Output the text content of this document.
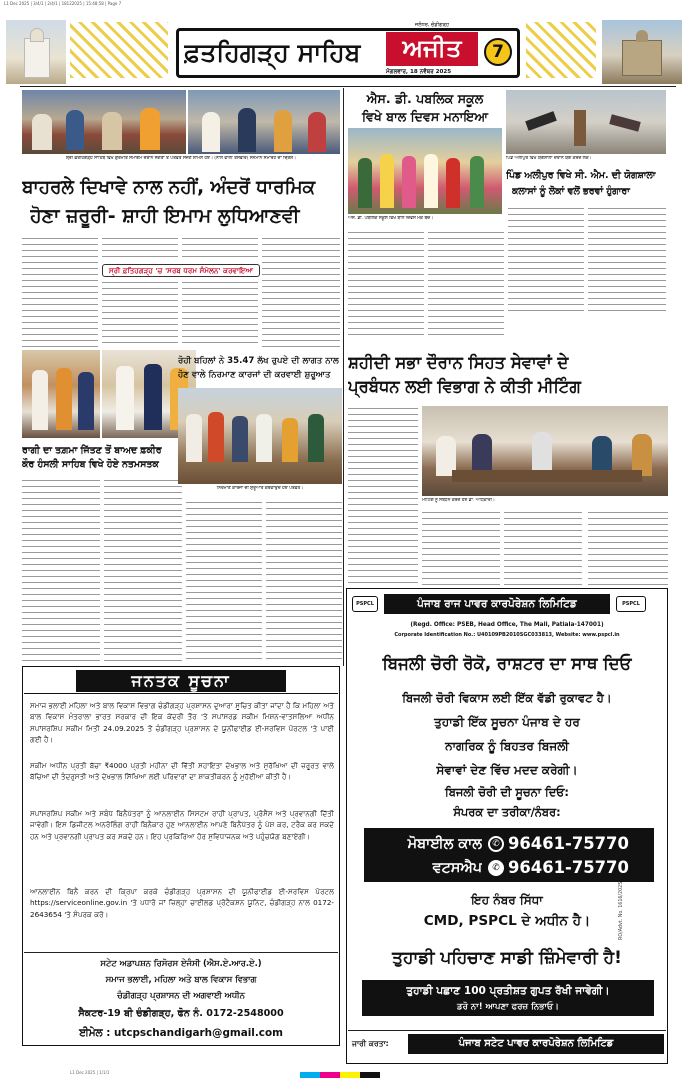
L1 Dec 2025 | 3/4/1 | 2/4/1 | 18122025 | 15:48:58 | Page 7
ਫ਼ਤਹਿਗੜ੍ਹ ਸਾਹਿਬ	ਅਜੀਤ
ਜਲੰਧਰ, ਚੰਡੀਗੜ੍ਹ
ਮੰਗਲਵਾਰ, 18 ਨਵੰਬਰ 2025
7
ਸ਼੍ਰੀ ਫ਼ਤਹਿਗੜ੍ਹ ਸਾਹਿਬ ਵਿਖੇ ਗੁਰਮਤਿ ਸਮਾਗਮ ਦੌਰਾਨ ਸੰਗਤਾਂ ਤੇ ਪਤਵੰਤੇ ਸੱਜਣ ਸ਼ਾਮਲ ਹੋਏ। (ਨਾਲ ਵਾਲੀ ਤਸਵੀਰ) ਸਨਮਾਨ ਸਮਾਰੋਹ ਦਾ ਦ੍ਰਿਸ਼।
ਬਾਹਰਲੇ ਦਿਖਾਵੇ ਨਾਲ ਨਹੀਂ, ਅੰਦਰੋਂ ਧਾਰਮਿਕ
ਹੋਣਾ ਜ਼ਰੂਰੀ- ਸ਼ਾਹੀ ਇਮਾਮ ਲੁਧਿਆਣਵੀ
ਸ੍ਰੀ ਫ਼ਤਿਹਗੜ੍ਹ 'ਚ 'ਸਰਬ ਧਰਮ ਸੰਮੇਲਨ' ਕਰਵਾਇਆ
ਰਾਗੀ ਦਾ ਤਗ਼ਮਾ ਜਿੱਤਣ ਤੋਂ ਬਾਅਦ ਫ਼ਕੀਰ
ਕੌਰ ਹੰਸਲੀ ਸਾਹਿਬ ਵਿਖੇ ਹੋਏ ਨਤਮਸਤਕ
ਰੋਹੀ ਬਹਿਲਾਂ ਨੇ 35.47 ਲੱਖ ਰੁਪਏ ਦੀ ਲਾਗਤ ਨਾਲ
ਹੋਣ ਵਾਲੇ ਨਿਰਮਾਣ ਕਾਰਜਾਂ ਦੀ ਕਰਵਾਈ ਸ਼ੁਰੂਆਤ
ਨਿਰਮਾਣ ਕਾਰਜਾਂ ਦੀ ਸ਼ੁਰੂਆਤ ਕਰਵਾਉਂਦੇ ਹੋਏ ਪਤਵੰਤੇ।
ਐਸ. ਡੀ. ਪਬਲਿਕ ਸਕੂਲ
ਵਿਖੇ ਬਾਲ ਦਿਵਸ ਮਨਾਇਆ
ਐਸ. ਡੀ. ਪਬਲਿਕ ਸਕੂਲ ਵਿਖੇ ਬਾਲ ਦਿਵਸ ਮੌਕੇ ਬੱਚੇ।
ਪਿੰਡ ਅਲੀਪੁਰ ਵਿਖੇ ਯੋਗਸ਼ਾਲਾ ਦੌਰਾਨ ਯੋਗ ਕਰਦੇ ਲੋਕ।
ਪਿੰਡ ਅਲੀਪੁਰ ਵਿਖੇ ਸੀ. ਐਮ. ਦੀ ਯੋਗਸ਼ਾਲਾ
ਕਲਾਸਾਂ ਨੂੰ ਲੋਕਾਂ ਵਲੋਂ ਭਰਵਾਂ ਹੁੰਗਾਰਾ
ਸ਼ਹੀਦੀ ਸਭਾ ਦੌਰਾਨ ਸਿਹਤ ਸੇਵਾਵਾਂ ਦੇ
ਪ੍ਰਬੰਧਨ ਲਈ ਵਿਭਾਗ ਨੇ ਕੀਤੀ ਮੀਟਿੰਗ
ਮੀਟਿੰਗ ਨੂੰ ਸੰਬੋਧਨ ਕਰਦੇ ਹੋਏ ਡਾ. ਅਧਿਕਾਰੀ।
ਜਨਤਕ ਸੂਚਨਾ
ਸਮਾਜ ਭਲਾਈ ਮਹਿਲਾ ਅਤੇ ਬਾਲ ਵਿਕਾਸ ਵਿਭਾਗ ਚੰਡੀਗੜ੍ਹ ਪ੍ਰਸ਼ਾਸਨ ਦੁਆਰਾ ਸੂਚਿਤ ਕੀਤਾ ਜਾਂਦਾ ਹੈ ਕਿ ਮਹਿਲਾ ਅਤੇ ਬਾਲ ਵਿਕਾਸ ਮੰਤਰਾਲਾ ਭਾਰਤ ਸਰਕਾਰ ਦੀ ਇਕ ਕੇਂਦਰੀ ਤੌਰ 'ਤੇ ਸਪਾਂਸਰਡ ਸਕੀਮ ਮਿਸ਼ਨ-ਵਾਤਸਲਿਆ ਅਧੀਨ ਸਪਾਂਸਰਸ਼ਿਪ ਸਕੀਮ ਮਿਤੀ 24.09.2025 ਤੋਂ ਚੰਡੀਗੜ੍ਹ ਪ੍ਰਸ਼ਾਸਨ ਦੇ ਯੂਨੀਫਾਈਡ ਈ-ਸਰਵਿਸ ਪੋਰਟਲ 'ਤੇ ਪਾਈ ਗਈ ਹੈ।
ਸਕੀਮ ਅਧੀਨ ਪ੍ਰਤੀ ਬੱਚਾ ₹4000 ਪ੍ਰਤੀ ਮਹੀਨਾ ਦੀ ਵਿੱਤੀ ਸਹਾਇਤਾ ਦੇਖਭਾਲ ਅਤੇ ਸੁਰੱਖਿਆ ਦੀ ਜ਼ਰੂਰਤ ਵਾਲੇ ਬੱਚਿਆਂ ਦੀ ਤੰਦਰੁਸਤੀ ਅਤੇ ਦੇਖਭਾਲ ਸਿੱਖਿਆ ਲਈ ਪਰਿਵਾਰਾਂ ਦਾ ਸ਼ਾਕਤੀਕਰਨ ਨੂੰ ਮੁਹੱਈਆ ਕੀਤੀ ਹੈ।
ਸਪਾਂਸਰਸ਼ਿਪ ਸਕੀਮ ਅਤੇ ਸਬੰਧ ਬਿਨੈਪੱਤਰਾਂ ਨੂੰ ਆਨਲਾਈਨ ਸਿਸਟਮ ਰਾਹੀਂ ਪ੍ਰਾਪਤ, ਪ੍ਰੋਸੈਸ ਅਤੇ ਪ੍ਰਵਾਨਗੀ ਦਿੱਤੀ ਜਾਵੇਗੀ। ਇਸ ਡਿਜੀਟਲ ਅਨਰੋਲਿੰਗ ਰਾਹੀਂ ਬਿਨੈਕਾਰ ਹੁਣ ਆਨਲਾਈਨ ਆਪਣੇ ਬਿਨੈਪੱਤਰ ਨੂੰ ਪੇਸ਼ ਕਰ, ਟਰੈਕ ਕਰ ਸਕਦੇ ਹਨ ਅਤੇ ਪ੍ਰਵਾਨਗੀ ਪ੍ਰਾਪਤ ਕਰ ਸਕਦੇ ਹਨ। ਇਹ ਪ੍ਰਕਿਰਿਆ ਹੋਰ ਸੁਵਿਧਾਜਨਕ ਅਤੇ ਪਹੁੰਚਯੋਗ ਬਣਾਏਗੀ।
ਆਨਲਾਈਨ ਬਿਨੈ ਕਰਨ ਦੀ ਕ੍ਰਿਪਾ ਕਰਕੇ ਚੰਡੀਗੜ੍ਹ ਪ੍ਰਸ਼ਾਸਨ ਦੀ ਯੂਨੀਫਾਈਡ ਈ-ਸਰਵਿਸ ਪੋਰਟਲ https://serviceonline.gov.in 'ਤੇ ਪਧਾਰੋ ਜਾਂ ਜ਼ਿਲ੍ਹਾ ਚਾਈਲਡ ਪ੍ਰੋਟੈਕਸ਼ਨ ਯੂਨਿਟ, ਚੰਡੀਗੜ੍ਹ ਨਾਲ 0172-2643654 'ਤੇ ਸੰਪਰਕ ਕਰੋ।
ਸਟੇਟ ਅਡਾਪਸ਼ਨ ਰਿਸੋਰਸ ਏਜੰਸੀ (ਐਸ.ਏ.ਆਰ.ਏ.)
ਸਮਾਜ ਭਲਾਈ, ਮਹਿਲਾ ਅਤੇ ਬਾਲ ਵਿਕਾਸ ਵਿਭਾਗ
ਚੰਡੀਗੜ੍ਹ ਪ੍ਰਸ਼ਾਸਨ ਦੀ ਅਗਵਾਈ ਅਧੀਨ
ਸੈਕਟਰ-19 ਬੀ ਚੰਡੀਗੜ੍ਹ, ਫੋਨ ਨੰ. 0172-2548000
ਈਮੇਲ : utcpschandigarh@gmail.com
PSPCL	ਪੰਜਾਬ ਰਾਜ ਪਾਵਰ ਕਾਰਪੋਰੇਸ਼ਨ ਲਿਮਿਟਿਡ	PSPCL
(Regd. Office: PSEB, Head Office, The Mall, Patiala-147001)
Corporate Identification No.: U40109PB2010SGC033813, Website: www.pspcl.in
ਬਿਜਲੀ ਚੋਰੀ ਰੋਕੋ, ਰਾਸ਼ਟਰ ਦਾ ਸਾਥ ਦਿਓ
ਬਿਜਲੀ ਚੋਰੀ ਵਿਕਾਸ ਲਈ ਇੱਕ ਵੱਡੀ ਰੁਕਾਵਟ ਹੈ।
ਤੁਹਾਡੀ ਇੱਕ ਸੂਚਨਾ ਪੰਜਾਬ ਦੇ ਹਰ
ਨਾਗਰਿਕ ਨੂੰ ਬਿਹਤਰ ਬਿਜਲੀ
ਸੇਵਾਵਾਂ ਦੇਣ ਵਿੱਚ ਮਦਦ ਕਰੇਗੀ।
ਬਿਜਲੀ ਚੋਰੀ ਦੀ ਸੂਚਨਾ ਦਿਓ:
ਸੰਪਰਕ ਦਾ ਤਰੀਕਾ/ਨੰਬਰ:
ਮੋਬਾਈਲ ਕਾਲ	✆ 96461-75770
ਵਟਸਐਪ	✆ 96461-75770
ਇਹ ਨੰਬਰ ਸਿੱਧਾ
CMD, PSPCL ਦੇ ਅਧੀਨ ਹੈ।
ਤੁਹਾਡੀ ਪਹਿਚਾਣ ਸਾਡੀ ਜ਼ਿੰਮੇਵਾਰੀ ਹੈ!
ਤੁਹਾਡੀ ਪਛਾਣ 100 ਪ੍ਰਤੀਸ਼ਤ ਗੁਪਤ ਰੱਖੀ ਜਾਵੇਗੀ।
ਡਰੋ ਨਾ! ਆਪਣਾ ਫਰਜ਼ ਨਿਭਾਓ।
RO/Advt. No. 1616/2025
ਜਾਰੀ ਕਰਤਾ:	ਪੰਜਾਬ ਸਟੇਟ ਪਾਵਰ ਕਾਰਪੋਰੇਸ਼ਨ ਲਿਮਿਟਿਡ
L1 Dec 2025 | 1/1/1
